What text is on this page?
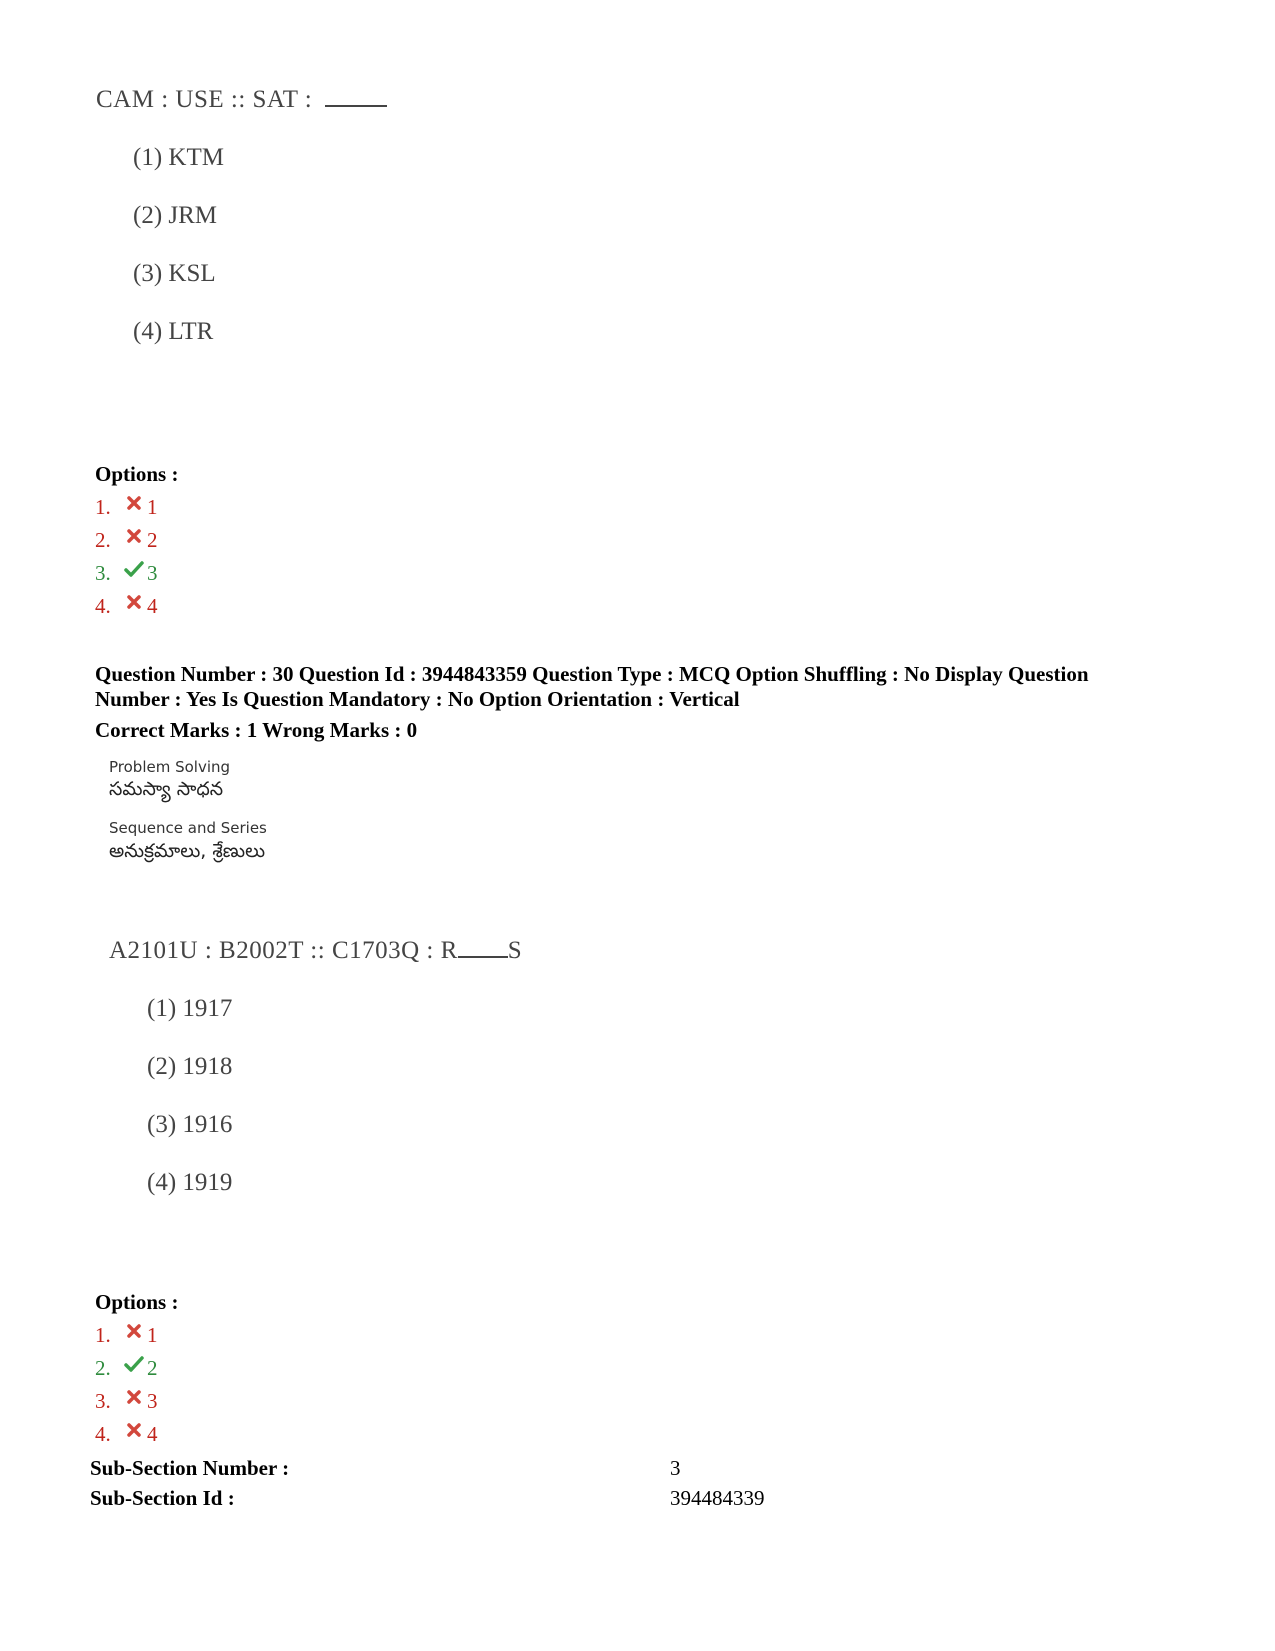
CAM : USE :: SAT :
(1) KTM
(2) JRM
(3) KSL
(4) LTR
Options :
1.	1
2.	2
3.	3
4.	4
Question Number : 30 Question Id : 3944843359 Question Type : MCQ Option Shuffling : No Display Question
Number : Yes Is Question Mandatory : No Option Orientation : Vertical
Correct Marks : 1 Wrong Marks : 0
Problem Solving
సమస్యా సాధన
Sequence and Series
అనుక్రమాలు, శ్రేణులు
A2101U : B2002T :: C1703Q : R S
(1) 1917
(2) 1918
(3) 1916
(4) 1919
Options :
1.	1
2.	2
3.	3
4.	4
Sub-Section Number :	3
Sub-Section Id :	394484339
